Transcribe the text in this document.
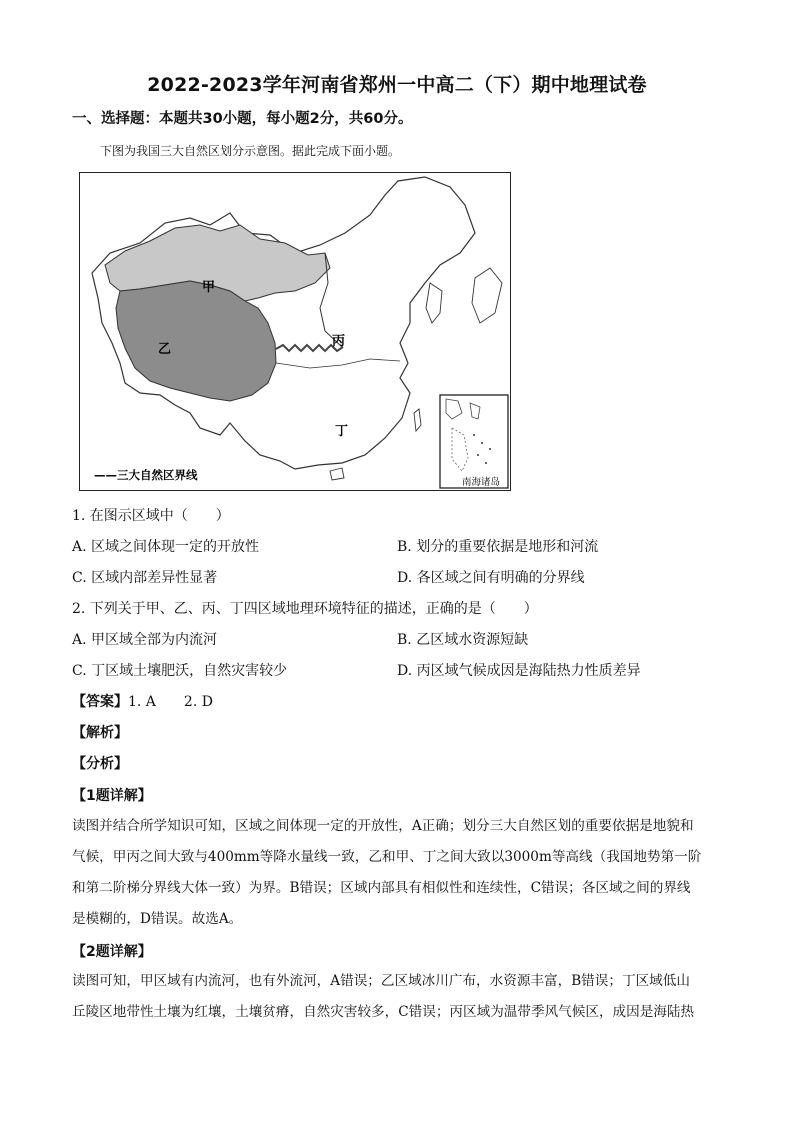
2022-2023学年河南省郑州一中高二（下）期中地理试卷
一、选择题：本题共30小题，每小题2分，共60分。
下图为我国三大自然区划分示意图。据此完成下面小题。
甲
乙
丙
丁
——三大自然区界线
南海诸岛
1. 在图示区域中（　　）
A. 区域之间体现一定的开放性	B. 划分的重要依据是地形和河流
C. 区域内部差异性显著	D. 各区域之间有明确的分界线
2. 下列关于甲、乙、丙、丁四区域地理环境特征的描述，正确的是（　　）
A. 甲区域全部为内流河	B. 乙区域水资源短缺
C. 丁区域土壤肥沃，自然灾害较少	D. 丙区域气候成因是海陆热力性质差异
【答案】1. A　　2. D
【解析】
【分析】
【1题详解】
读图并结合所学知识可知，区域之间体现一定的开放性，A正确；划分三大自然区划的重要依据是地貌和
气候，甲丙之间大致与400mm等降水量线一致，乙和甲、丁之间大致以3000m等高线（我国地势第一阶
和第二阶梯分界线大体一致）为界。B错误；区域内部具有相似性和连续性，C错误；各区域之间的界线
是模糊的，D错误。故选A。
【2题详解】
读图可知，甲区域有内流河，也有外流河，A错误；乙区域冰川广布，水资源丰富，B错误；丁区域低山
丘陵区地带性土壤为红壤，土壤贫瘠，自然灾害较多，C错误；丙区域为温带季风气候区，成因是海陆热
